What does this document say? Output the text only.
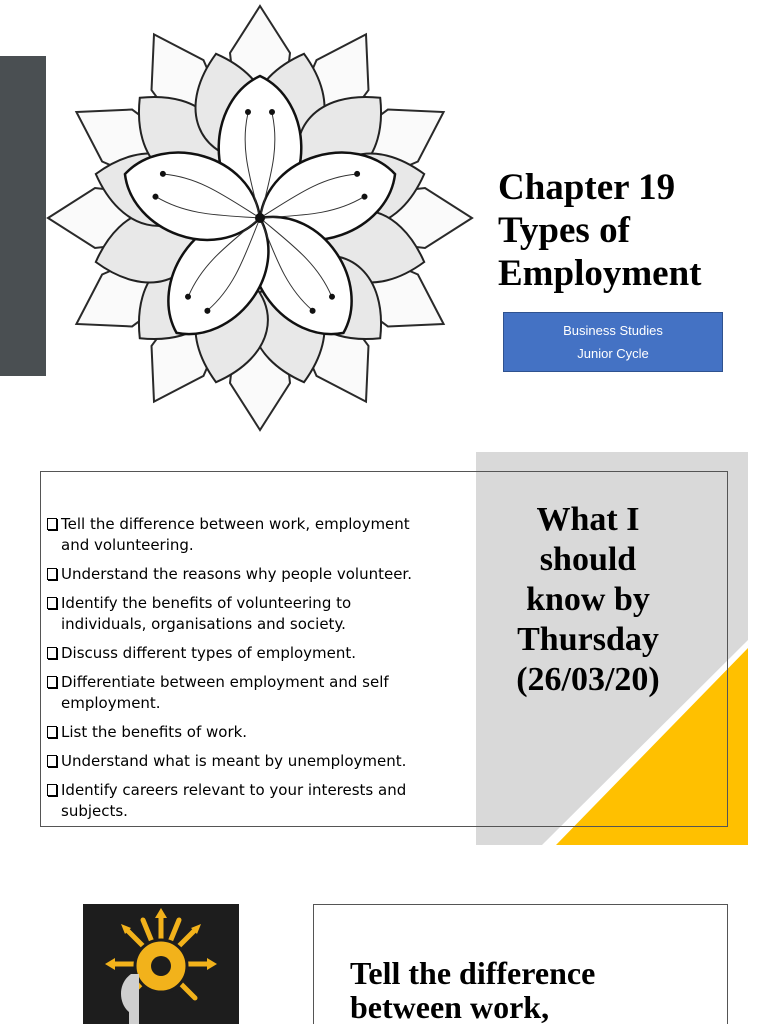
Chapter 19
Types of
Employment
Business Studies
Junior Cycle
Tell the difference between work, employment and volunteering.
Understand the reasons why people volunteer.
Identify the benefits of volunteering to individuals, organisations and society.
Discuss different types of employment.
Differentiate between employment and self employment.
List the benefits of work.
Understand what is meant by unemployment.
Identify careers relevant to your interests and subjects.
What I
should
know by
Thursday
(26/03/20)
Tell the difference
between work,
